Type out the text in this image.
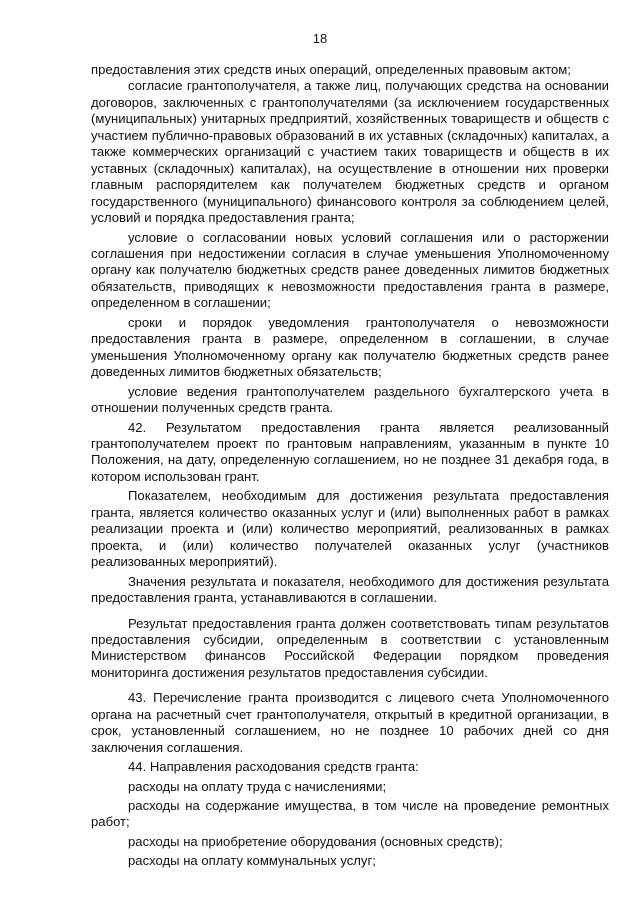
18

предоставления этих средств иных операций, определенных правовым актом;

согласие грантополучателя, а также лиц, получающих средства на основании договоров, заключенных с грантополучателями (за исключением государственных (муниципальных) унитарных предприятий, хозяйственных товариществ и обществ с участием публично-правовых образований в их уставных (складочных) капиталах, а также коммерческих организаций с участием таких товариществ и обществ в их уставных (складочных) капиталах), на осуществление в отношении них проверки главным распорядителем как получателем бюджетных средств и органом государственного (муниципального) финансового контроля за соблюдением целей, условий и порядка предоставления гранта;

условие о согласовании новых условий соглашения или о расторжении соглашения при недостижении согласия в случае уменьшения Уполномоченному органу как получателю бюджетных средств ранее доведенных лимитов бюджетных обязательств, приводящих к невозможности предоставления гранта в размере, определенном в соглашении;

сроки и порядок уведомления грантополучателя о невозможности предоставления гранта в размере, определенном в соглашении, в случае уменьшения Уполномоченному органу как получателю бюджетных средств ранее доведенных лимитов бюджетных обязательств;

условие ведения грантополучателем раздельного бухгалтерского учета в отношении полученных средств гранта.

42. Результатом предоставления гранта является реализованный грантополучателем проект по грантовым направлениям, указанным в пункте 10 Положения, на дату, определенную соглашением, но не позднее 31 декабря года, в котором использован грант.

Показателем, необходимым для достижения результата предоставления гранта, является количество оказанных услуг и (или) выполненных работ в рамках реализации проекта и (или) количество мероприятий, реализованных в рамках проекта, и (или) количество получателей оказанных услуг (участников реализованных мероприятий).

Значения результата и показателя, необходимого для достижения результата предоставления гранта, устанавливаются в соглашении.

Результат предоставления гранта должен соответствовать типам результатов предоставления субсидии, определенным в соответствии с установленным Министерством финансов Российской Федерации порядком проведения мониторинга достижения результатов предоставления субсидии.

43. Перечисление гранта производится с лицевого счета Уполномоченного органа на расчетный счет грантополучателя, открытый в кредитной организации, в срок, установленный соглашением, но не позднее 10 рабочих дней со дня заключения соглашения.

44. Направления расходования средств гранта:

расходы на оплату труда с начислениями;

расходы на содержание имущества, в том числе на проведение ремонтных работ;

расходы на приобретение оборудования (основных средств);

расходы на оплату коммунальных услуг;
